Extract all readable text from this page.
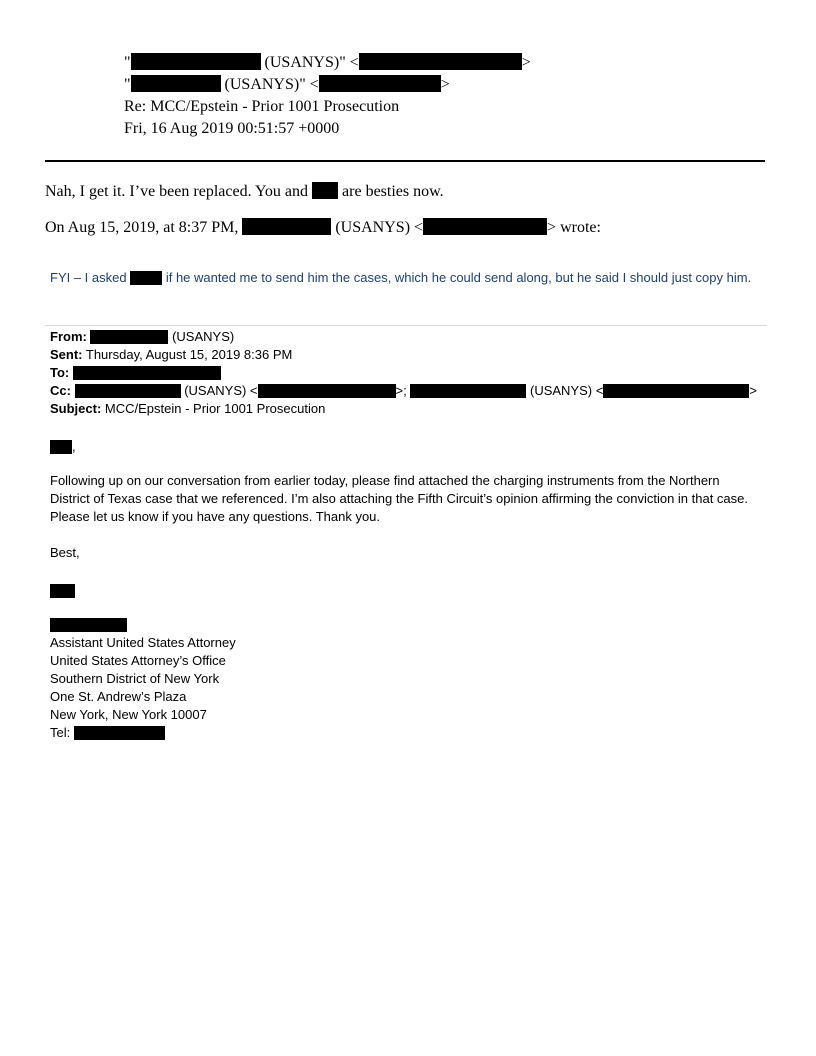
"	(USANYS)" <	>
"	(USANYS)" <	>
Re: MCC/Epstein - Prior 1001 Prosecution
Fri, 16 Aug 2019 00:51:57 +0000
Nah, I get it. I’ve been replaced. You and are besties now.
On Aug 15, 2019, at 8:37 PM,	(USANYS) <	> wrote:
FYI – I asked	if he wanted me to send him the cases, which he could send along, but he said I should just copy him.
From:	(USANYS)
Sent: Thursday, August 15, 2019 8:36 PM
To:
Cc:	(USANYS) <	>;	(USANYS) <	>
Subject: MCC/Epstein - Prior 1001 Prosecution
,
Following up on our conversation from earlier today, please find attached the charging instruments from the Northern District of Texas case that we referenced. I’m also attaching the Fifth Circuit’s opinion affirming the conviction in that case. Please let us know if you have any questions. Thank you.
Best,
Assistant United States Attorney
United States Attorney’s Office
Southern District of New York
One St. Andrew’s Plaza
New York, New York 10007
Tel:
